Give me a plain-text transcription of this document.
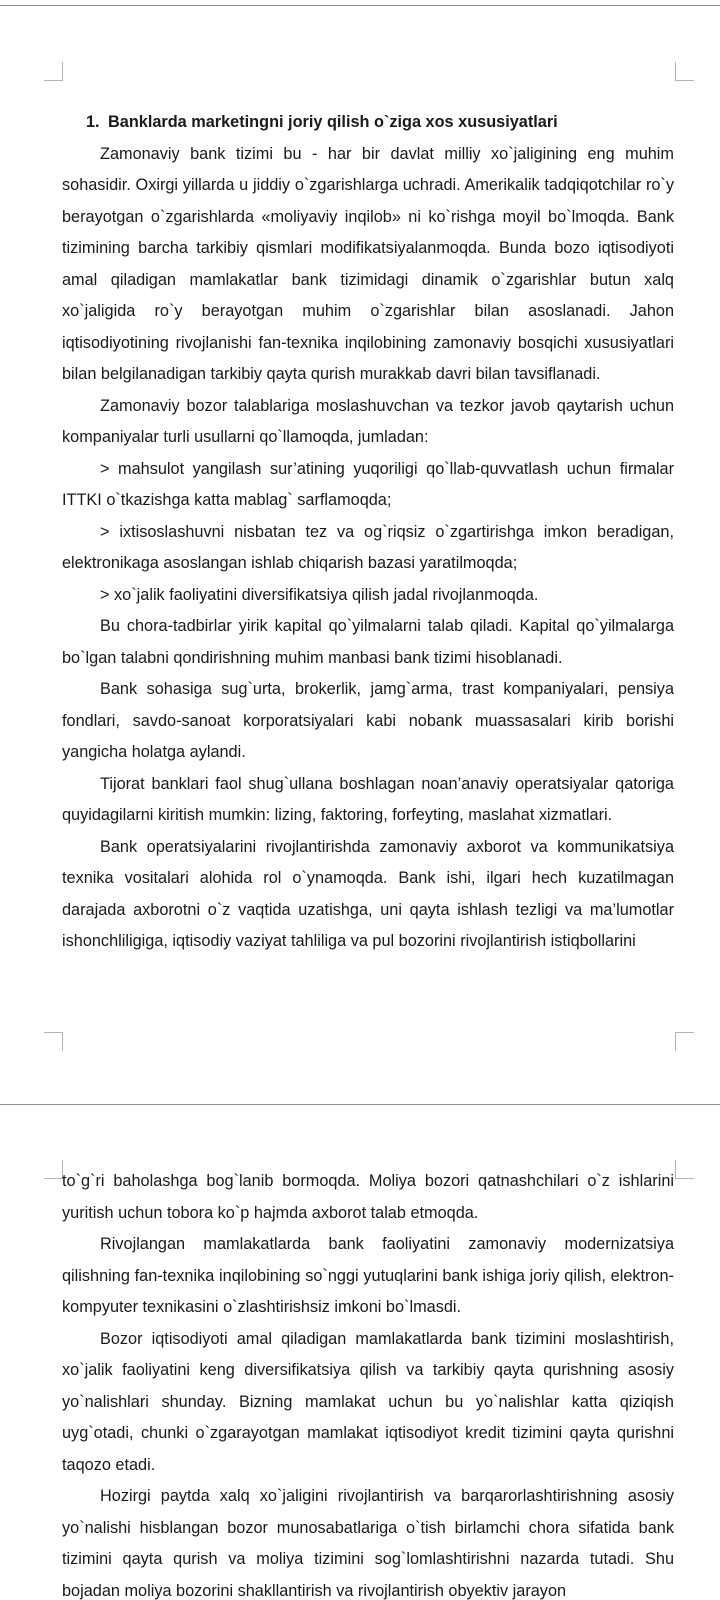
1. Banklarda marketingni joriy qilish o`ziga xos xususiyatlari

Zamonaviy bank tizimi bu - har bir davlat milliy xo`jaligining eng muhim sohasidir. Oxirgi yillarda u jiddiy o`zgarishlarga uchradi. Amerikalik tadqiqotchilar ro`y berayotgan o`zgarishlarda «moliyaviy inqilob» ni ko`rishga moyil bo`lmoqda. Bank tizimining barcha tarkibiy qismlari modifikatsiyalanmoqda. Bunda bozo iqtisodiyoti amal qiladigan mamlakatlar bank tizimidagi dinamik o`zgarishlar butun xalq xo`jaligida ro`y berayotgan muhim o`zgarishlar bilan asoslanadi. Jahon iqtisodiyotining rivojlanishi fan-texnika inqilobining zamonaviy bosqichi xususiyatlari bilan belgilanadigan tarkibiy qayta qurish murakkab davri bilan tavsiflanadi.

Zamonaviy bozor talablariga moslashuvchan va tezkor javob qaytarish uchun kompaniyalar turli usullarni qo`llamoqda, jumladan:

> mahsulot yangilash sur’atining yuqoriligi qo`llab-quvvatlash uchun firmalar ITTKI o`tkazishga katta mablag` sarflamoqda;

> ixtisoslashuvni nisbatan tez va og`riqsiz o`zgartirishga imkon beradigan, elektronikaga asoslangan ishlab chiqarish bazasi yaratilmoqda;

> xo`jalik faoliyatini diversifikatsiya qilish jadal rivojlanmoqda.

Bu chora-tadbirlar yirik kapital qo`yilmalarni talab qiladi. Kapital qo`yilmalarga bo`lgan talabni qondirishning muhim manbasi bank tizimi hisoblanadi.

Bank sohasiga sug`urta, brokerlik, jamg`arma, trast kompaniyalari, pensiya fondlari, savdo-sanoat korporatsiyalari kabi nobank muassasalari kirib borishi yangicha holatga aylandi.

Tijorat banklari faol shug`ullana boshlagan noan’anaviy operatsiyalar qatoriga quyidagilarni kiritish mumkin: lizing, faktoring, forfeyting, maslahat xizmatlari.

Bank operatsiyalarini rivojlantirishda zamonaviy axborot va kommunikatsiya texnika vositalari alohida rol o`ynamoqda. Bank ishi, ilgari hech kuzatilmagan darajada axborotni o`z vaqtida uzatishga, uni qayta ishlash tezligi va ma’lumotlar ishonchliligiga, iqtisodiy vaziyat tahliliga va pul bozorini rivojlantirish istiqbollarini

to`g`ri baholashga bog`lanib bormoqda. Moliya bozori qatnashchilari o`z ishlarini yuritish uchun tobora ko`p hajmda axborot talab etmoqda.

Rivojlangan mamlakatlarda bank faoliyatini zamonaviy modernizatsiya qilishning fan-texnika inqilobining so`nggi yutuqlarini bank ishiga joriy qilish, elektron-kompyuter texnikasini o`zlashtirishsiz imkoni bo`lmasdi.

Bozor iqtisodiyoti amal qiladigan mamlakatlarda bank tizimini moslashtirish, xo`jalik faoliyatini keng diversifikatsiya qilish va tarkibiy qayta qurishning asosiy yo`nalishlari shunday. Bizning mamlakat uchun bu yo`nalishlar katta qiziqish uyg`otadi, chunki o`zgarayotgan mamlakat iqtisodiyot kredit tizimini qayta qurishni taqozo etadi.

Hozirgi paytda xalq xo`jaligini rivojlantirish va barqarorlashtirishning asosiy yo`nalishi hisblangan bozor munosabatlariga o`tish birlamchi chora sifatida bank tizimini qayta qurish va moliya tizimini sog`lomlashtirishni nazarda tutadi. Shu bojadan moliya bozorini shakllantirish va rivojlantirish obyektiv jarayon
